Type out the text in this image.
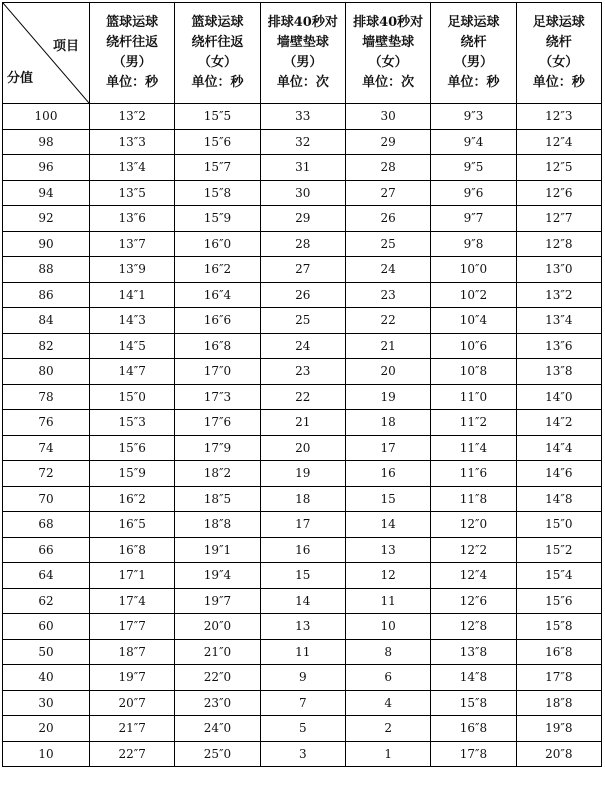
项目
分值	篮球运球
绕杆往返
（男）
单位：秒	篮球运球
绕杆往返
（女）
单位：秒	排球40秒对
墙壁垫球
（男）
单位：次	排球40秒对
墙壁垫球
（女）
单位：次	足球运球
绕杆
（男）
单位：秒	足球运球
绕杆
（女）
单位：秒

100	13″2	15″5	33	30	9″3	12″3
98	13″3	15″6	32	29	9″4	12″4
96	13″4	15″7	31	28	9″5	12″5
94	13″5	15″8	30	27	9″6	12″6
92	13″6	15″9	29	26	9″7	12″7
90	13″7	16″0	28	25	9″8	12″8
88	13″9	16″2	27	24	10″0	13″0
86	14″1	16″4	26	23	10″2	13″2
84	14″3	16″6	25	22	10″4	13″4
82	14″5	16″8	24	21	10″6	13″6
80	14″7	17″0	23	20	10″8	13″8
78	15″0	17″3	22	19	11″0	14″0
76	15″3	17″6	21	18	11″2	14″2
74	15″6	17″9	20	17	11″4	14″4
72	15″9	18″2	19	16	11″6	14″6
70	16″2	18″5	18	15	11″8	14″8
68	16″5	18″8	17	14	12″0	15″0
66	16″8	19″1	16	13	12″2	15″2
64	17″1	19″4	15	12	12″4	15″4
62	17″4	19″7	14	11	12″6	15″6
60	17″7	20″0	13	10	12″8	15″8
50	18″7	21″0	11	8	13″8	16″8
40	19″7	22″0	9	6	14″8	17″8
30	20″7	23″0	7	4	15″8	18″8
20	21″7	24″0	5	2	16″8	19″8
10	22″7	25″0	3	1	17″8	20″8
